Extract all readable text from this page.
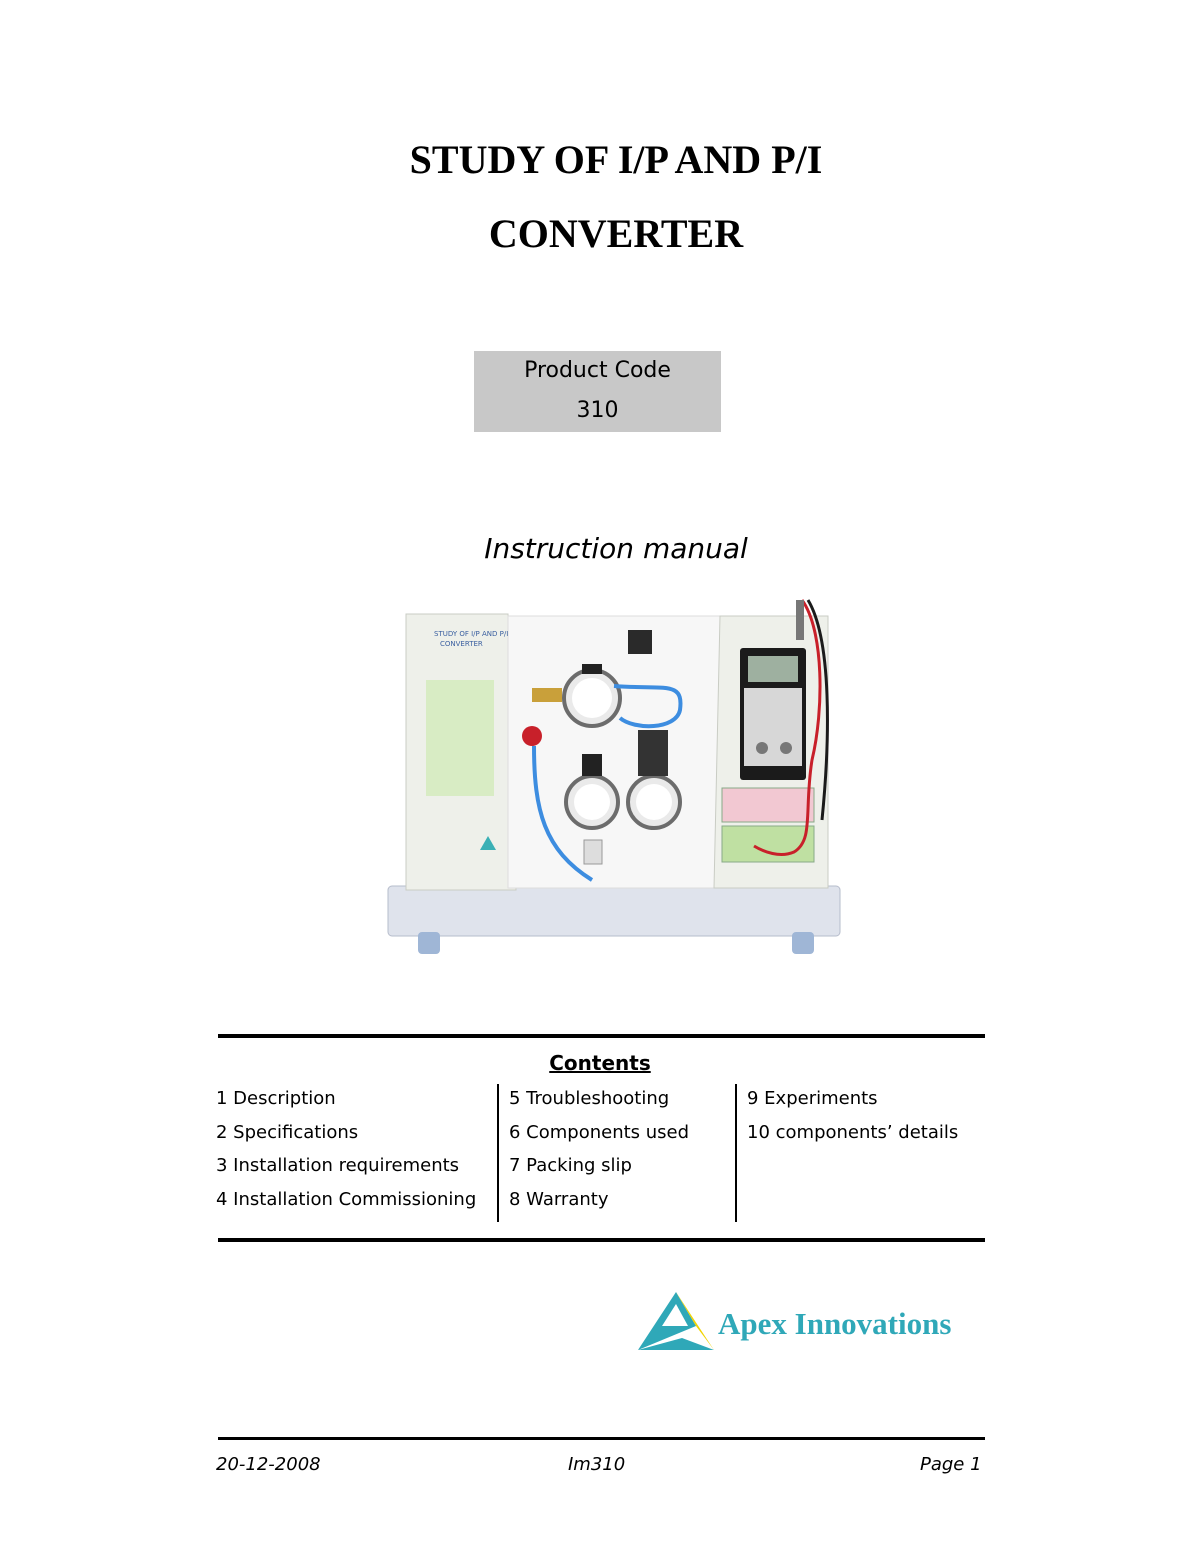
STUDY OF I/P AND P/I
CONVERTER
Product Code
310
Instruction manual
STUDY OF I/P AND P/I
CONVERTER
Contents
1 Description
2 Specifications
3 Installation requirements
4 Installation Commissioning
5 Troubleshooting
6 Components used
7 Packing slip
8 Warranty
9 Experiments
10 components’ details
Apex Innovations
20-12-2008	Im310	Page 1
